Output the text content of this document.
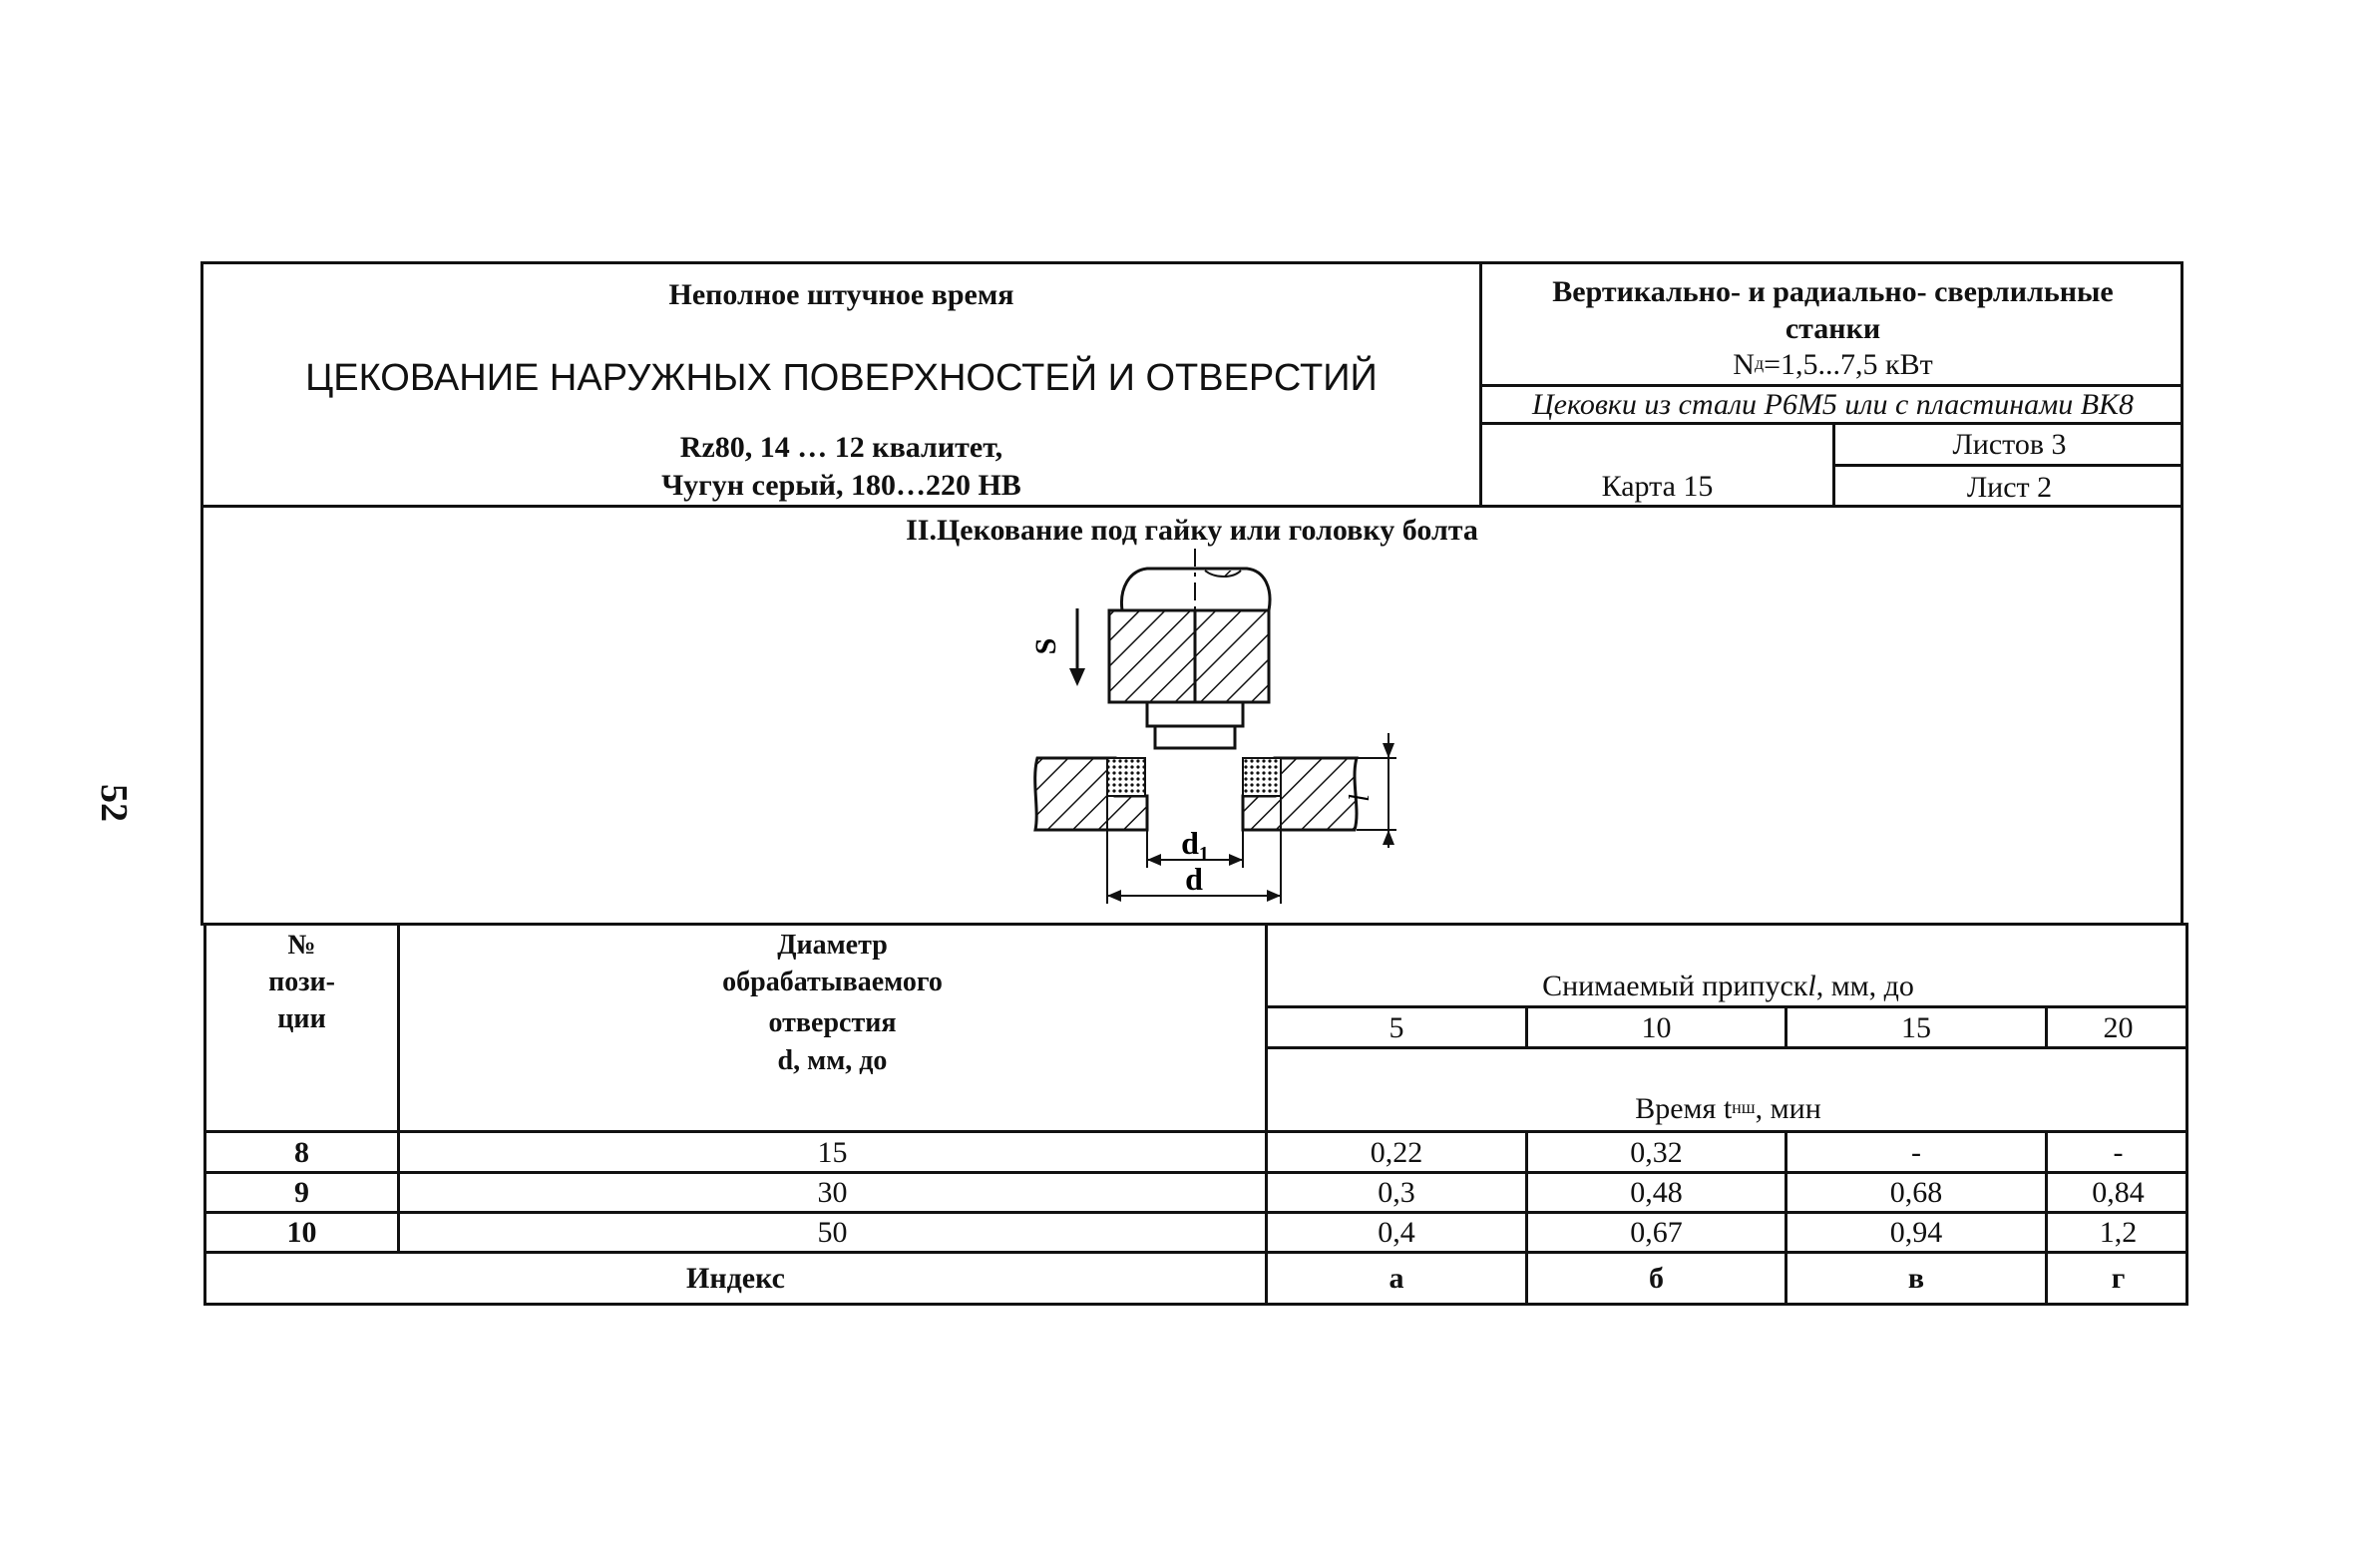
52
Неполное штучное время
ЦЕКОВАНИЕ НАРУЖНЫХ ПОВЕРХНОСТЕЙ И ОТВЕРСТИЙ
Rz80, 14 … 12 квалитет,
Чугун серый, 180…220 HB
Вертикально- и радиально- сверлильные
станки
N д =1,5...7,5 кВт
Цековки из стали Р6М5 или с пластинами ВК8
Карта 15
Листов 3
Лист 2
II.Цекование под гайку или головку болта
S
l
d1
d
№
пози-
ции
Диаметр
обрабатываемого
отверстия
d, мм, до
Снимаемый припуск l , мм, до
5	10	15	20
Время t нш , мин
8	15	0,22	0,32	-	-
9	30	0,3	0,48	0,68	0,84
10	50	0,4	0,67	0,94	1,2
Индекс	а	б	в	г
